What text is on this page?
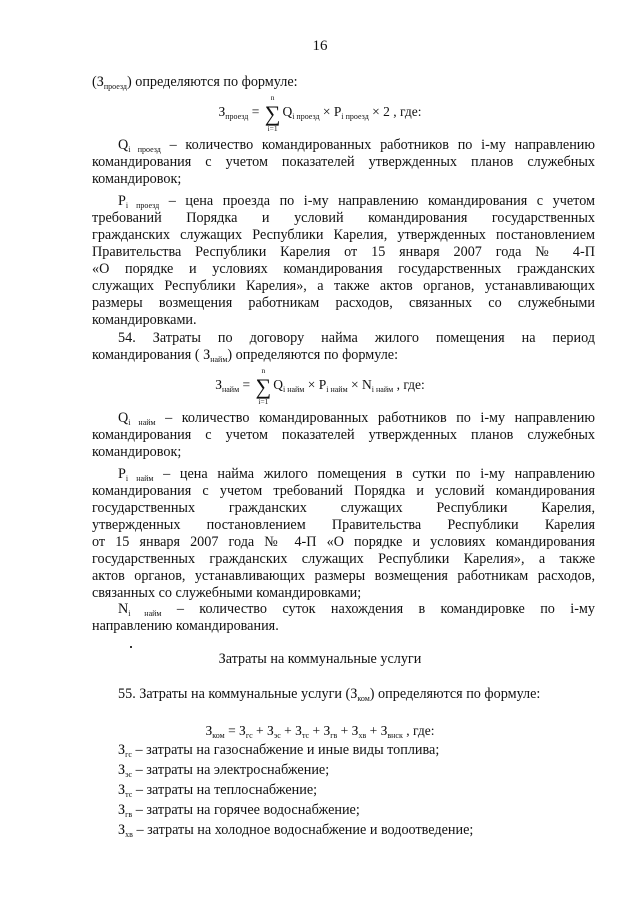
16
$(З_{проезд})$ определяются по формуле:
$З_{проезд}$ = ∑
n
i=1
$Q_{i проезд} \times P_{i проезд} \times 2$ , где:
$Q_{i проезд}$ – количество командированных работников по i-му направлению
командирования с учетом показателей утвержденных планов служебных
командировок;
$P_{i проезд}$ – цена проезда по i-му направлению командирования с учетом
требований Порядка и условий командирования государственных
гражданских служащих Республики Карелия, утвержденных постановлением
Правительства Республики Карелия от 15 января 2007 года № 4-П
«О порядке и условиях командирования государственных гражданских
служащих Республики Карелия», а также актов органов, устанавливающих
размеры возмещения работникам расходов, связанных со служебными
командировками.
54. Затраты по договору найма жилого помещения на период
командирования ( $З_{найм}$) определяются по формуле:
$З_{найм}$ = ∑
n
i=1
$Q_{i найм} \times P_{i найм} \times N_{i найм}$ , где:
$Q_{i найм}$ – количество командированных работников по i-му направлению
командирования с учетом показателей утвержденных планов служебных
командировок;
$P_{i найм}$ – цена найма жилого помещения в сутки по i-му направлению
командирования с учетом требований Порядка и условий командирования
государственных гражданских служащих Республики Карелия,
утвержденных постановлением Правительства Республики Карелия
от 15 января 2007 года № 4-П «О порядке и условиях командирования
государственных гражданских служащих Республики Карелия», а также
актов органов, устанавливающих размеры возмещения работникам расходов,
связанных со служебными командировками;
$N_{i найм}$ – количество суток нахождения в командировке по i-му
направлению командирования.
Затраты на коммунальные услуги
55. Затраты на коммунальные услуги $(З_{ком})$ определяются по формуле:
$З_{ком} = З_{гс} + З_{эс} + З_{тс} + З_{гв} + З_{хв} + З_{внск}$ , где:
$З_{гс}$ – затраты на газоснабжение и иные виды топлива;
$З_{эс}$ – затраты на электроснабжение;
$З_{тс}$ – затраты на теплоснабжение;
$З_{гв}$ – затраты на горячее водоснабжение;
$З_{хв}$ – затраты на холодное водоснабжение и водоотведение;
